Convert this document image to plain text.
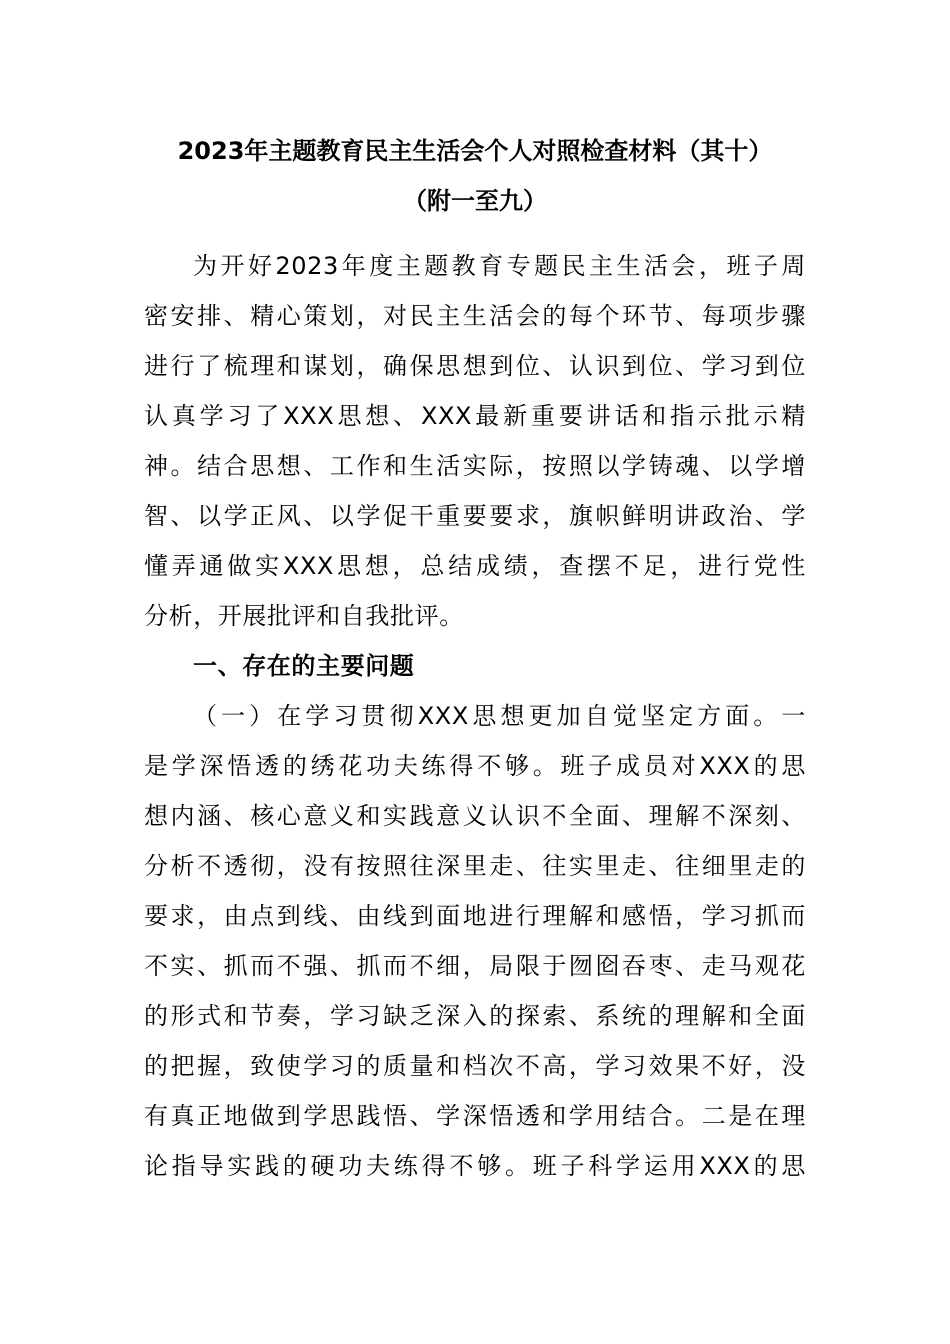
2023年主题教育民主生活会个人对照检查材料（其十）
（附一至九）
为开好2023年度主题教育专题民主生活会，班子周
密安排、精心策划，对民主生活会的每个环节、每项步骤
进行了梳理和谋划，确保思想到位、认识到位、学习到位
认真学习了XXX思想、XXX最新重要讲话和指示批示精
神。结合思想、工作和生活实际，按照以学铸魂、以学增
智、以学正风、以学促干重要要求，旗帜鲜明讲政治、学
懂弄通做实XXX思想，总结成绩，查摆不足，进行党性
分析，开展批评和自我批评。
一、存在的主要问题
（一）在学习贯彻XXX思想更加自觉坚定方面。一
是学深悟透的绣花功夫练得不够。班子成员对XXX的思
想内涵、核心意义和实践意义认识不全面、理解不深刻、
分析不透彻，没有按照往深里走、往实里走、往细里走的
要求，由点到线、由线到面地进行理解和感悟，学习抓而
不实、抓而不强、抓而不细，局限于囫囵吞枣、走马观花
的形式和节奏，学习缺乏深入的探索、系统的理解和全面
的把握，致使学习的质量和档次不高，学习效果不好，没
有真正地做到学思践悟、学深悟透和学用结合。二是在理
论指导实践的硬功夫练得不够。班子科学运用XXX的思
